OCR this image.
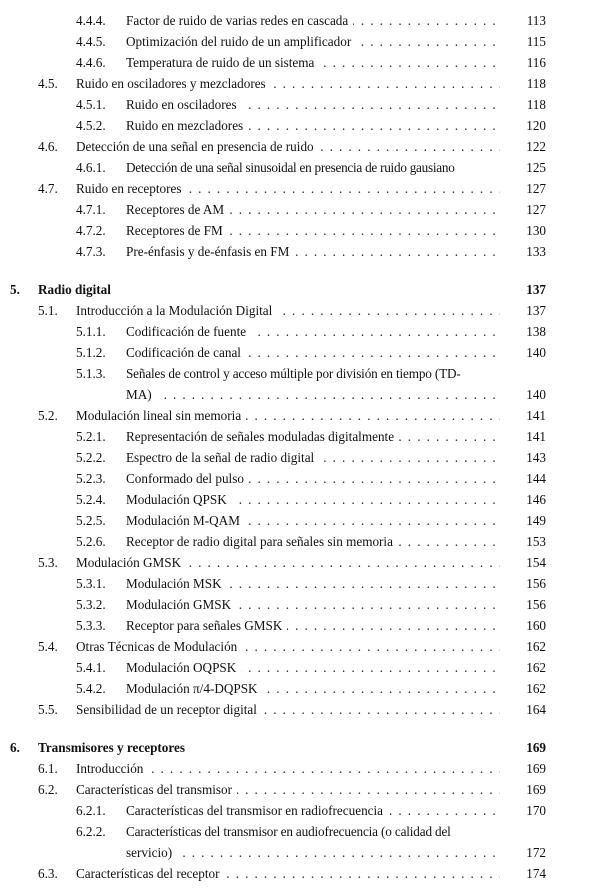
4.4.4. Factor de ruido de varias redes en cascada . . .	113
4.4.5. Optimización del ruido de un amplificador . . .	115
4.4.6. Temperatura de ruido de un sistema . . .	116
4.5. Ruido en osciladores y mezcladores . . .	118
4.5.1. Ruido en osciladores . . .	118
4.5.2. Ruido en mezcladores . . .	120
4.6. Detección de una señal en presencia de ruido . . .	122
4.6.1. Detección de una señal sinusoidal en presencia de ruido gausiano	125
4.7. Ruido en receptores . . .	127
4.7.1. Receptores de AM . . .	127
4.7.2. Receptores de FM . . .	130
4.7.3. Pre-énfasis y de-énfasis en FM . . .	133
5. Radio digital	137
5.1. Introducción a la Modulación Digital . . .	137
5.1.1. Codificación de fuente . . .	138
5.1.2. Codificación de canal . . .	140
5.1.3. Señales de control y acceso múltiple por división en tiempo (TD-
MA) . . .	140
5.2. Modulación lineal sin memoria . . .	141
5.2.1. Representación de señales moduladas digitalmente . . .	141
5.2.2. Espectro de la señal de radio digital . . .	143
5.2.3. Conformado del pulso . . .	144
5.2.4. Modulación QPSK . . .	146
5.2.5. Modulación M-QAM . . .	149
5.2.6. Receptor de radio digital para señales sin memoria . . .	153
5.3. Modulación GMSK . . .	154
5.3.1. Modulación MSK . . .	156
5.3.2. Modulación GMSK . . .	156
5.3.3. Receptor para señales GMSK . . .	160
5.4. Otras Técnicas de Modulación . . .	162
5.4.1. Modulación OQPSK . . .	162
5.4.2. Modulación π/4-DQPSK . . .	162
5.5. Sensibilidad de un receptor digital . . .	164
6. Transmisores y receptores	169
6.1. Introducción . . .	169
6.2. Características del transmisor . . .	169
6.2.1. Características del transmisor en radiofrecuencia . . .	170
6.2.2. Características del transmisor en audiofrecuencia (o calidad del
servicio) . . .	172
6.3. Características del receptor . . .	174
